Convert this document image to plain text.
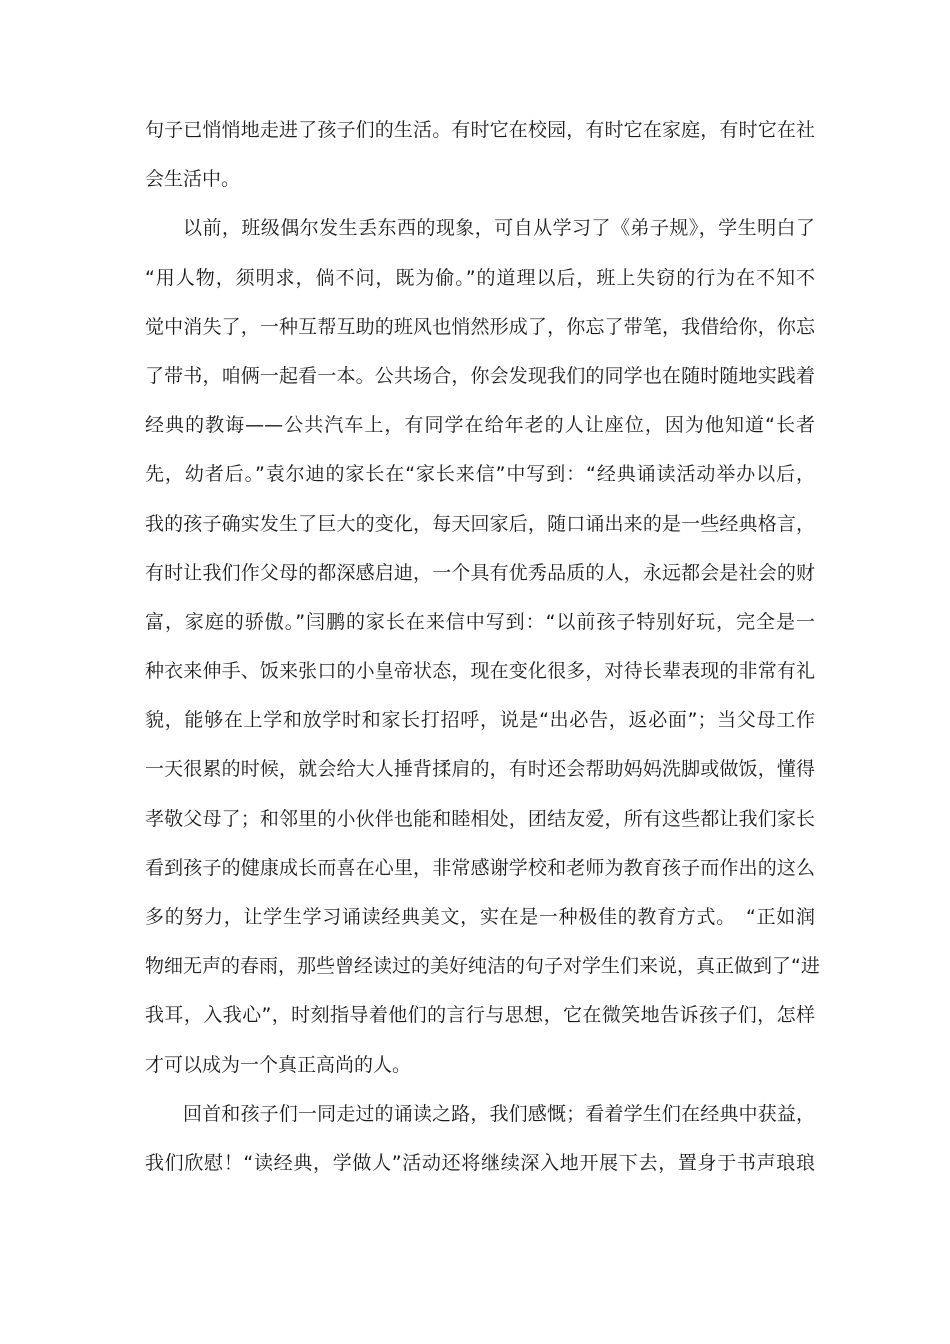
句子已悄悄地走进了孩子们的生活。有时它在校园，有时它在家庭，有时它在社
会生活中。
以前，班级偶尔发生丢东西的现象，可自从学习了《弟子规》，学生明白了
“用人物，须明求，倘不问，既为偷。”的道理以后，班上失窃的行为在不知不
觉中消失了，一种互帮互助的班风也悄然形成了，你忘了带笔，我借给你，你忘
了带书，咱俩一起看一本。公共场合，你会发现我们的同学也在随时随地实践着
经典的教诲——公共汽车上，有同学在给年老的人让座位，因为他知道“长者
先，幼者后。”袁尔迪的家长在“家长来信”中写到：“经典诵读活动举办以后，
我的孩子确实发生了巨大的变化，每天回家后，随口诵出来的是一些经典格言，
有时让我们作父母的都深感启迪，一个具有优秀品质的人，永远都会是社会的财
富，家庭的骄傲。”闫鹏的家长在来信中写到：“以前孩子特别好玩，完全是一
种衣来伸手、饭来张口的小皇帝状态，现在变化很多，对待长辈表现的非常有礼
貌，能够在上学和放学时和家长打招呼，说是“出必告，返必面”；当父母工作
一天很累的时候，就会给大人捶背揉肩的，有时还会帮助妈妈洗脚或做饭，懂得
孝敬父母了；和邻里的小伙伴也能和睦相处，团结友爱，所有这些都让我们家长
看到孩子的健康成长而喜在心里，非常感谢学校和老师为教育孩子而作出的这么
多的努力，让学生学习诵读经典美文，实在是一种极佳的教育方式。　“正如润
物细无声的春雨，那些曾经读过的美好纯洁的句子对学生们来说，真正做到了“进
我耳，入我心”，时刻指导着他们的言行与思想，它在微笑地告诉孩子们，怎样
才可以成为一个真正高尚的人。
回首和孩子们一同走过的诵读之路，我们感慨；看着学生们在经典中获益，
我们欣慰！“读经典，学做人”活动还将继续深入地开展下去，置身于书声琅琅
